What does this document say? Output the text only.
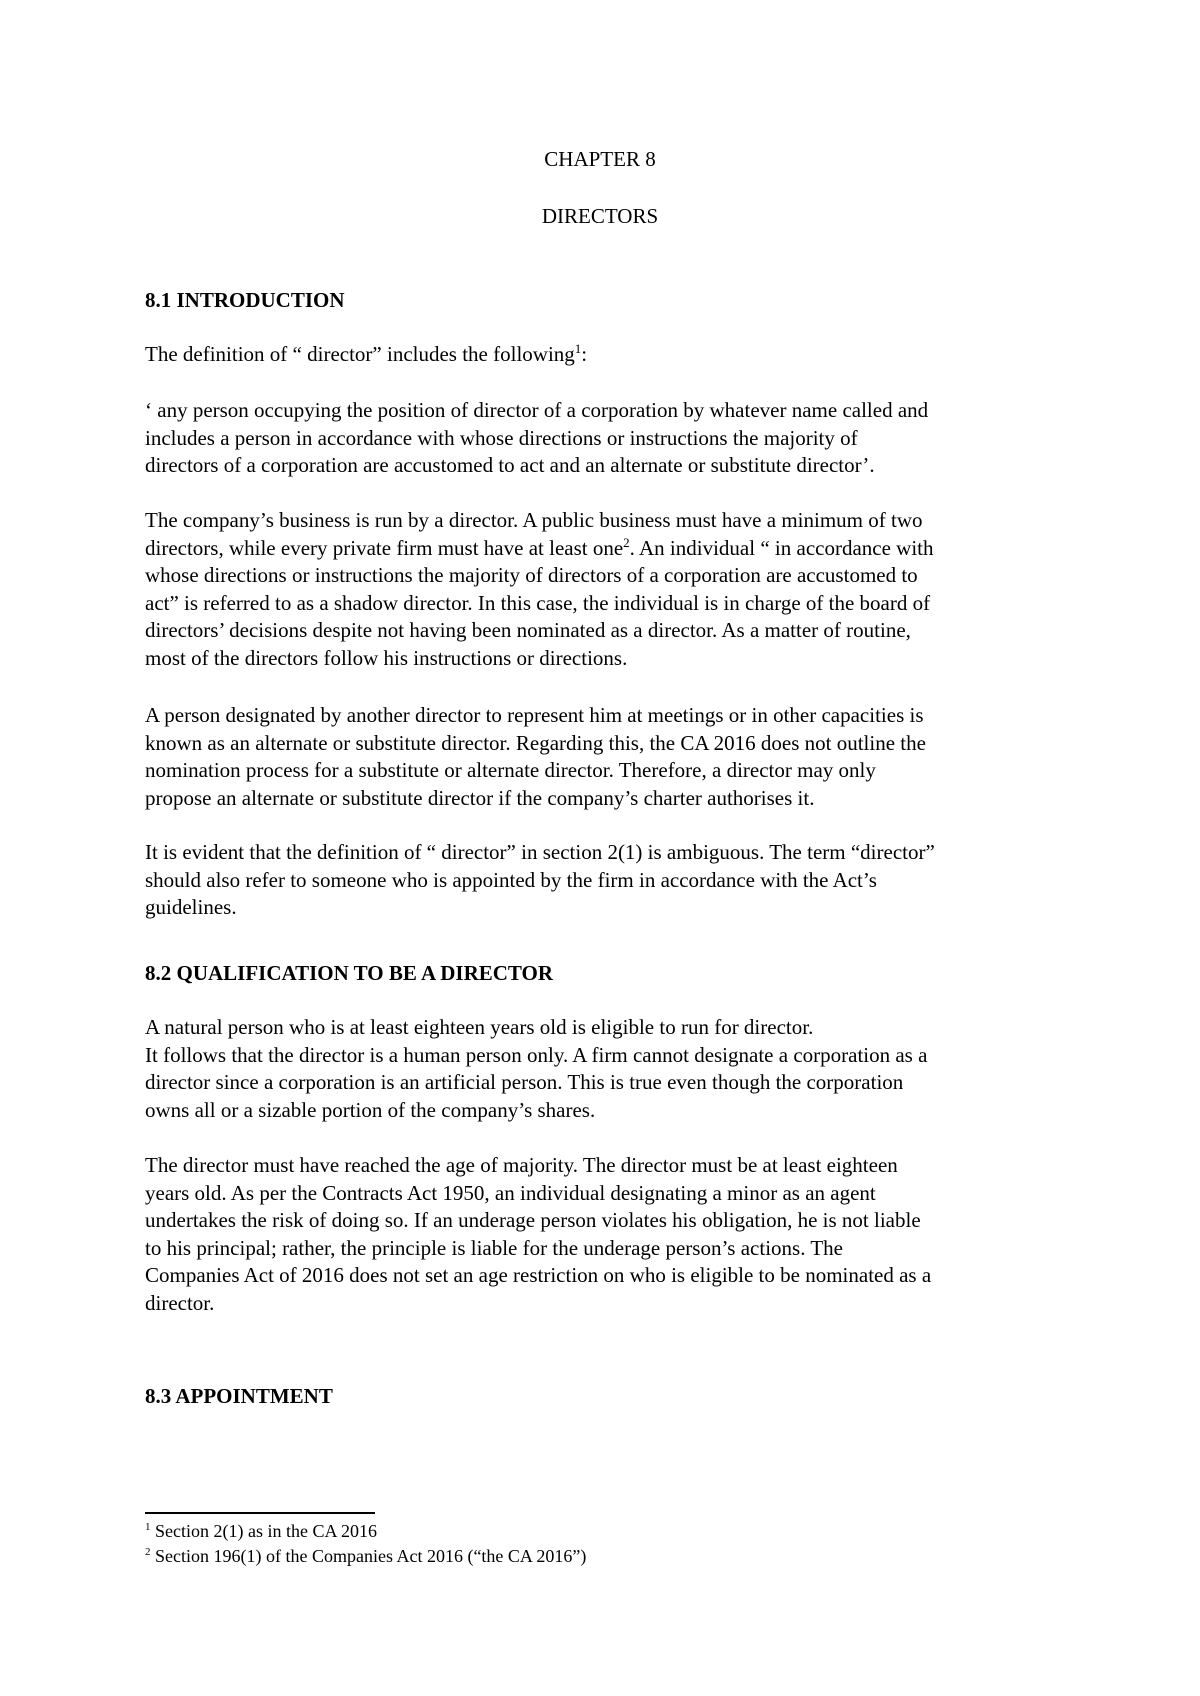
CHAPTER 8
DIRECTORS
8.1 INTRODUCTION
The definition of “ director” includes the following$^1$:
‘ any person occupying the position of director of a corporation by whatever name called and
includes a person in accordance with whose directions or instructions the majority of
directors of a corporation are accustomed to act and an alternate or substitute director’.
The company’s business is run by a director. A public business must have a minimum of two
directors, while every private firm must have at least one$^2$. An individual “ in accordance with
whose directions or instructions the majority of directors of a corporation are accustomed to
act” is referred to as a shadow director. In this case, the individual is in charge of the board of
directors’ decisions despite not having been nominated as a director. As a matter of routine,
most of the directors follow his instructions or directions.
A person designated by another director to represent him at meetings or in other capacities is
known as an alternate or substitute director. Regarding this, the CA 2016 does not outline the
nomination process for a substitute or alternate director. Therefore, a director may only
propose an alternate or substitute director if the company’s charter authorises it.
It is evident that the definition of “ director” in section 2(1) is ambiguous. The term “director”
should also refer to someone who is appointed by the firm in accordance with the Act’s
guidelines.
8.2 QUALIFICATION TO BE A DIRECTOR
A natural person who is at least eighteen years old is eligible to run for director.
It follows that the director is a human person only. A firm cannot designate a corporation as a
director since a corporation is an artificial person. This is true even though the corporation
owns all or a sizable portion of the company’s shares.
The director must have reached the age of majority. The director must be at least eighteen
years old. As per the Contracts Act 1950, an individual designating a minor as an agent
undertakes the risk of doing so. If an underage person violates his obligation, he is not liable
to his principal; rather, the principle is liable for the underage person’s actions. The
Companies Act of 2016 does not set an age restriction on who is eligible to be nominated as a
director.
8.3 APPOINTMENT
$^1$ Section 2(1) as in the CA 2016
$^2$ Section 196(1) of the Companies Act 2016 (“the CA 2016”)
